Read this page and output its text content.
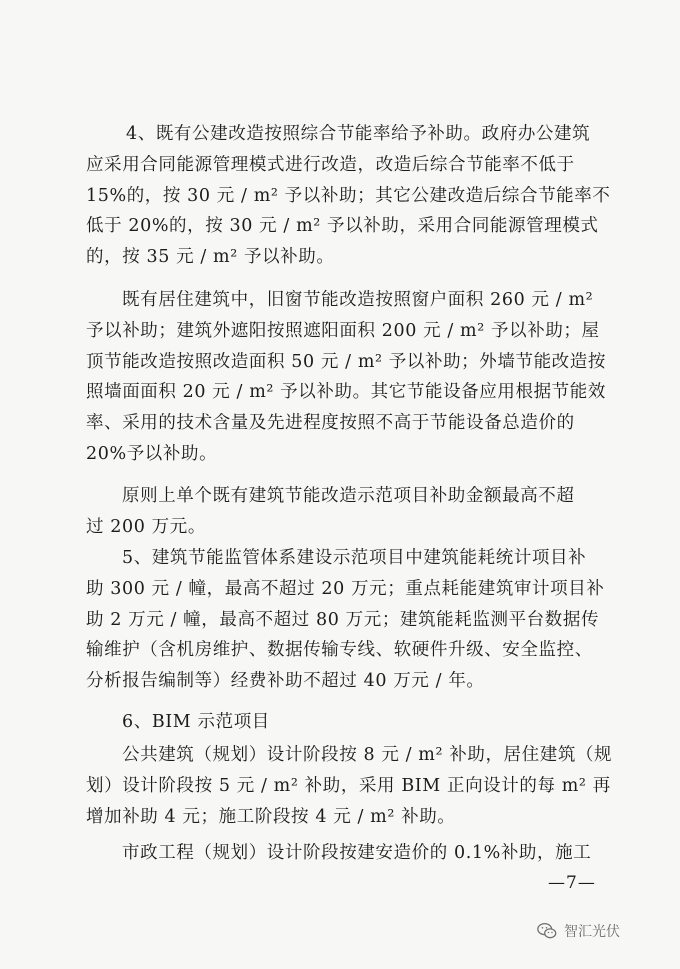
4、既有公建改造按照综合节能率给予补助。政府办公建筑
应采用合同能源管理模式进行改造，改造后综合节能率不低于
15%的，按 30 元 / m² 予以补助；其它公建改造后综合节能率不
低于 20%的，按 30 元 / m² 予以补助，采用合同能源管理模式
的，按 35 元 / m² 予以补助。
既有居住建筑中，旧窗节能改造按照窗户面积 260 元 / m²
予以补助；建筑外遮阳按照遮阳面积 200 元 / m² 予以补助；屋
顶节能改造按照改造面积 50 元 / m² 予以补助；外墙节能改造按
照墙面面积 20 元 / m² 予以补助。其它节能设备应用根据节能效
率、采用的技术含量及先进程度按照不高于节能设备总造价的
20%予以补助。
原则上单个既有建筑节能改造示范项目补助金额最高不超
过 200 万元。
5、建筑节能监管体系建设示范项目中建筑能耗统计项目补
助 300 元 / 幢，最高不超过 20 万元；重点耗能建筑审计项目补
助 2 万元 / 幢，最高不超过 80 万元；建筑能耗监测平台数据传
输维护（含机房维护、数据传输专线、软硬件升级、安全监控、
分析报告编制等）经费补助不超过 40 万元 / 年。
6、BIM 示范项目
公共建筑（规划）设计阶段按 8 元 / m² 补助，居住建筑（规
划）设计阶段按 5 元 / m² 补助，采用 BIM 正向设计的每 m² 再
增加补助 4 元；施工阶段按 4 元 / m² 补助。
市政工程（规划）设计阶段按建安造价的 0.1%补助，施工
—7—
智汇光伏
